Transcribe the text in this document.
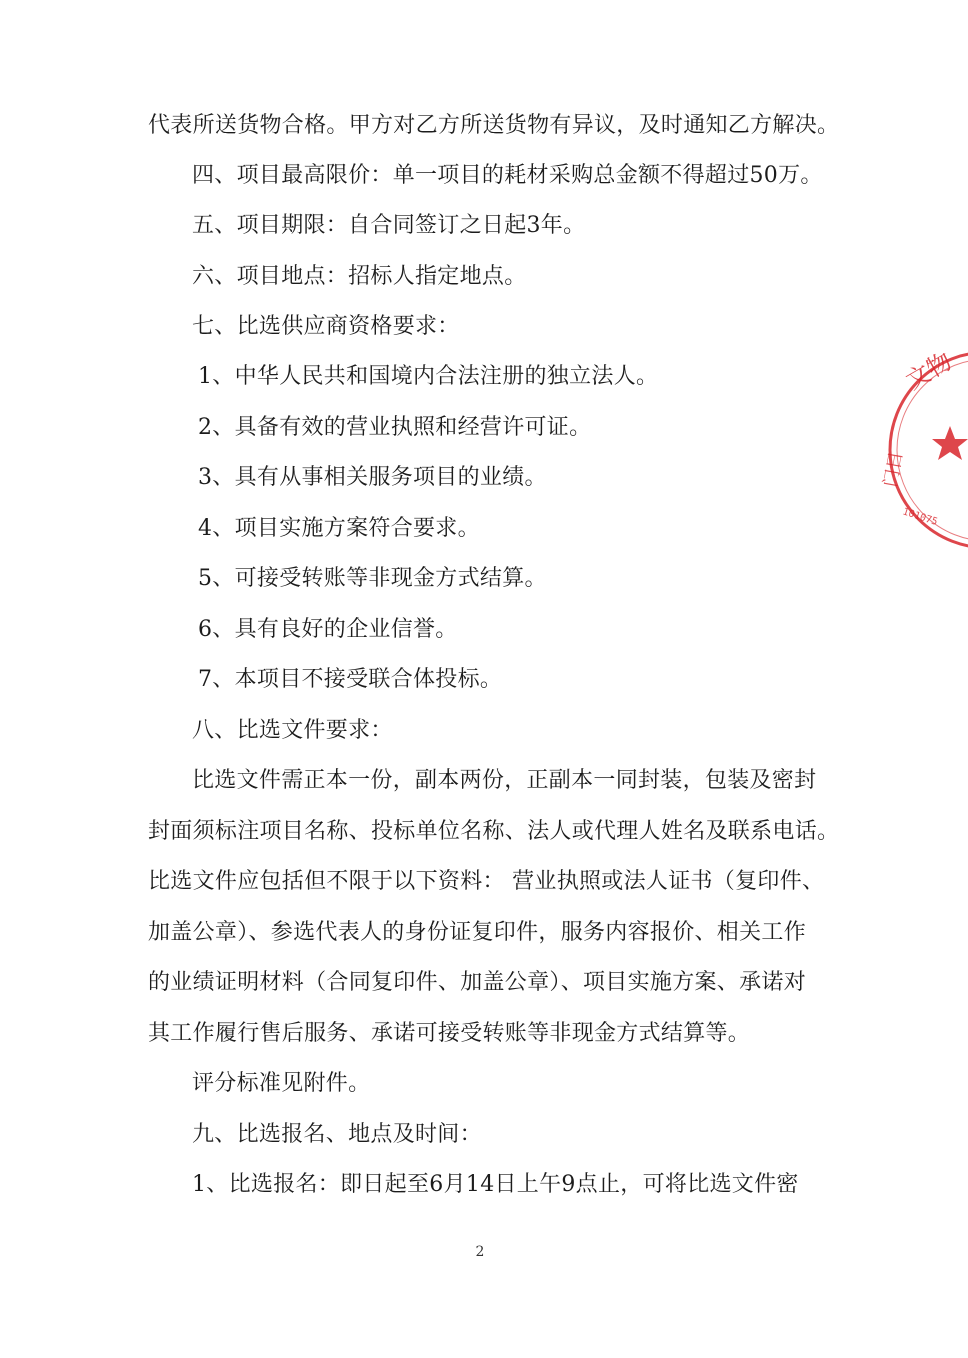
代表所送货物合格。甲方对乙方所送货物有异议，及时通知乙方解决。
四、项目最高限价：单一项目的耗材采购总金额不得超过50万。
五、项目期限：自合同签订之日起3年。
六、项目地点：招标人指定地点。
七、比选供应商资格要求：
1、中华人民共和国境内合法注册的独立法人。
2、具备有效的营业执照和经营许可证。
3、具有从事相关服务项目的业绩。
4、项目实施方案符合要求。
5、可接受转账等非现金方式结算。
6、具有良好的企业信誉。
7、本项目不接受联合体投标。
八、比选文件要求：
比选文件需正本一份，副本两份，正副本一同封装，包装及密封
封面须标注项目名称、投标单位名称、法人或代理人姓名及联系电话。
比选文件应包括但不限于以下资料： 营业执照或法人证书（复印件、
加盖公章）、参选代表人的身份证复印件，服务内容报价、相关工作
的业绩证明材料（合同复印件、加盖公章）、项目实施方案、承诺对
其工作履行售后服务、承诺可接受转账等非现金方式结算等。
评分标准见附件。
九、比选报名、地点及时间：
1、比选报名：即日起至6月14日上午9点止，可将比选文件密
2
文物
门日
101075
